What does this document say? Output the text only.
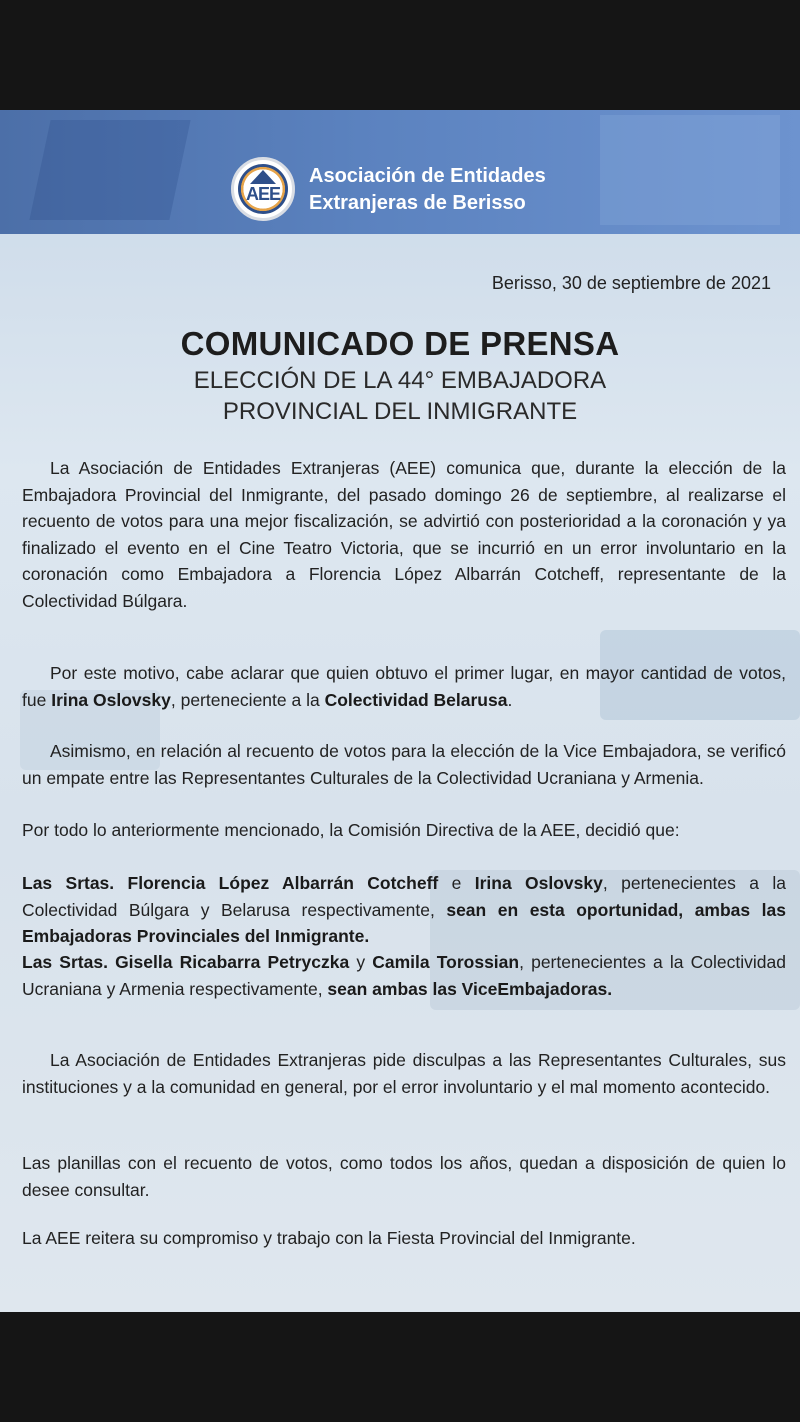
AEE
Asociación de Entidades
Extranjeras de Berisso
Berisso, 30 de septiembre de 2021
COMUNICADO DE PRENSA
ELECCIÓN DE LA 44° EMBAJADORA
PROVINCIAL DEL INMIGRANTE
La Asociación de Entidades Extranjeras (AEE) comunica que, durante la elección de la Embajadora Provincial del Inmigrante, del pasado domingo 26 de septiembre, al realizarse el recuento de votos para una mejor fiscalización, se advirtió con posterioridad a la coronación y ya finalizado el evento en el Cine Teatro Victoria, que se incurrió en un error involuntario en la coronación como Embajadora a Florencia López Albarrán Cotcheff, representante de la Colectividad Búlgara.
Por este motivo, cabe aclarar que quien obtuvo el primer lugar, en mayor cantidad de votos, fue Irina Oslovsky, perteneciente a la Colectividad Belarusa.
Asimismo, en relación al recuento de votos para la elección de la Vice Embajadora, se verificó un empate entre las Representantes Culturales de la Colectividad Ucraniana y Armenia.
Por todo lo anteriormente mencionado, la Comisión Directiva de la AEE, decidió que:
Las Srtas. Florencia López Albarrán Cotcheff e Irina Oslovsky, pertenecientes a la Colectividad Búlgara y Belarusa respectivamente, sean en esta oportunidad, ambas las Embajadoras Provinciales del Inmigrante.
Las Srtas. Gisella Ricabarra Petryczka y Camila Torossian, pertenecientes a la Colectividad Ucraniana y Armenia respectivamente, sean ambas las ViceEmbajadoras.
La Asociación de Entidades Extranjeras pide disculpas a las Representantes Culturales, sus instituciones y a la comunidad en general, por el error involuntario y el mal momento acontecido.
Las planillas con el recuento de votos, como todos los años, quedan a disposición de quien lo desee consultar.
La AEE reitera su compromiso y trabajo con la Fiesta Provincial del Inmigrante.
